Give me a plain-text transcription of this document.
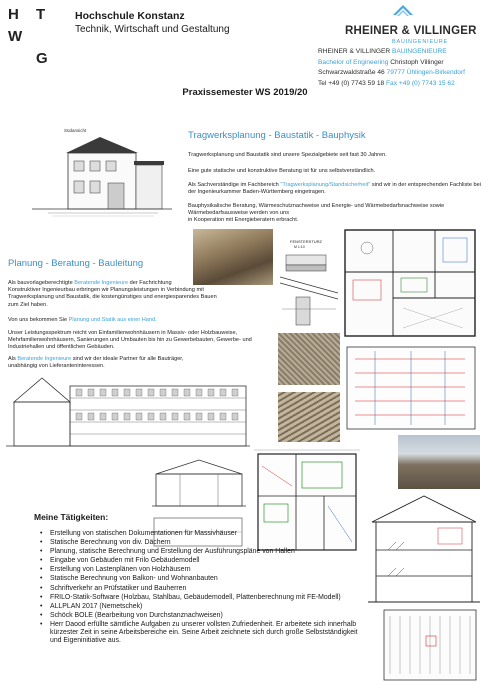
H T
W
G
Hochschule Konstanz
Technik, Wirtschaft und Gestaltung	RHEINER & VILLINGER
BAUINGENIEURE
RHEINER & VILLINGER BAUINGENIEURE
Bachelor of Engineering Christoph Villinger
Schwarzwaldstraße 46 79777 Ühlingen-Birkendorf
Tel +49 (0) 7743 59 18 Fax +49 (0) 7743 15 62
Praxissemester WS 2019/20
Südansicht	Tragwerksplanung - Baustatik - Bauphysik
Tragwerksplanung und Baustatik sind unsere Spezialgebiete seit fast 30 Jahren.
Eine gute statische und konstruktive Beratung ist für uns selbstverständlich.
Als Sachverständige im Fachbereich "Tragwerksplanung/Standsicherheit" sind wir in der entsprechenden Fachliste bei der Ingenieurkammer Baden-Württemberg eingetragen.
Bauphysikalische Beratung, Wärmeschutznachweise und Energie- und Wärmebedarfsnachweise sowie
Wärmebedarfsausweise werden von uns
in Kooperation mit Energieberatern erbracht.
Planung - Beratung - Bauleitung
Als bauvorlageberechtigte Beratende Ingenieure der Fachrichtung
Konstruktiver Ingenieurbau erbringen wir Planungsleistungen in Verbindung mit
Tragwerksplanung und Baustatik, die kostengünstiges und energiesparendes Bauen
zum Ziel haben.
Von uns bekommen Sie Planung und Statik aus einer Hand.
Unser Leistungsspektrum reicht von Einfamilienwohnhäusern in Massiv- oder Holzbauweise,
Mehrfamilienwohnhäusern, Sanierungen und Umbauten bis hin zu Gewerbebauten, Gewerbe- und
Industriehallen und öffentlichen Gebäuden.
Als Beratende Ingenieure sind wir der ideale Partner für alle Bauträger,
unabhängig von Lieferanteninteressen.
FENSTERSTURZ
M 1:10
Meine Tätigkeiten:
• Erstellung von statischen Dokumentationen für Massivhäuser
• Statische Berechnung von div. Dächern
• Planung, statische Berechnung und Erstellung der Ausführungspläne von Hallen
• Eingabe von Gebäuden mit Frilo Gebäudemodell
• Erstellung von Lastenplänen von Holzhäusern
• Statische Berechnung von Balkon- und Wohnanbauten
• Schriftverkehr an Prüfstatiker und Bauherren
• FRILO-Statik-Software (Holzbau, Stahlbau, Gebäudemodell, Plattenberechnung mit FE-Modell)
• ALLPLAN 2017 (Nemetschek)
• Schöck BOLE (Bearbeitung von Durchstanznachweisen)
• Herr Daood erfüllte sämtliche Aufgaben zu unserer vollsten Zufriedenheit. Er arbeitete sich innerhalb kürzester Zeit in seine Arbeitsbereiche ein. Seine Arbeit zeichnete sich durch große Selbstständigkeit und Eigeninitiative aus.
